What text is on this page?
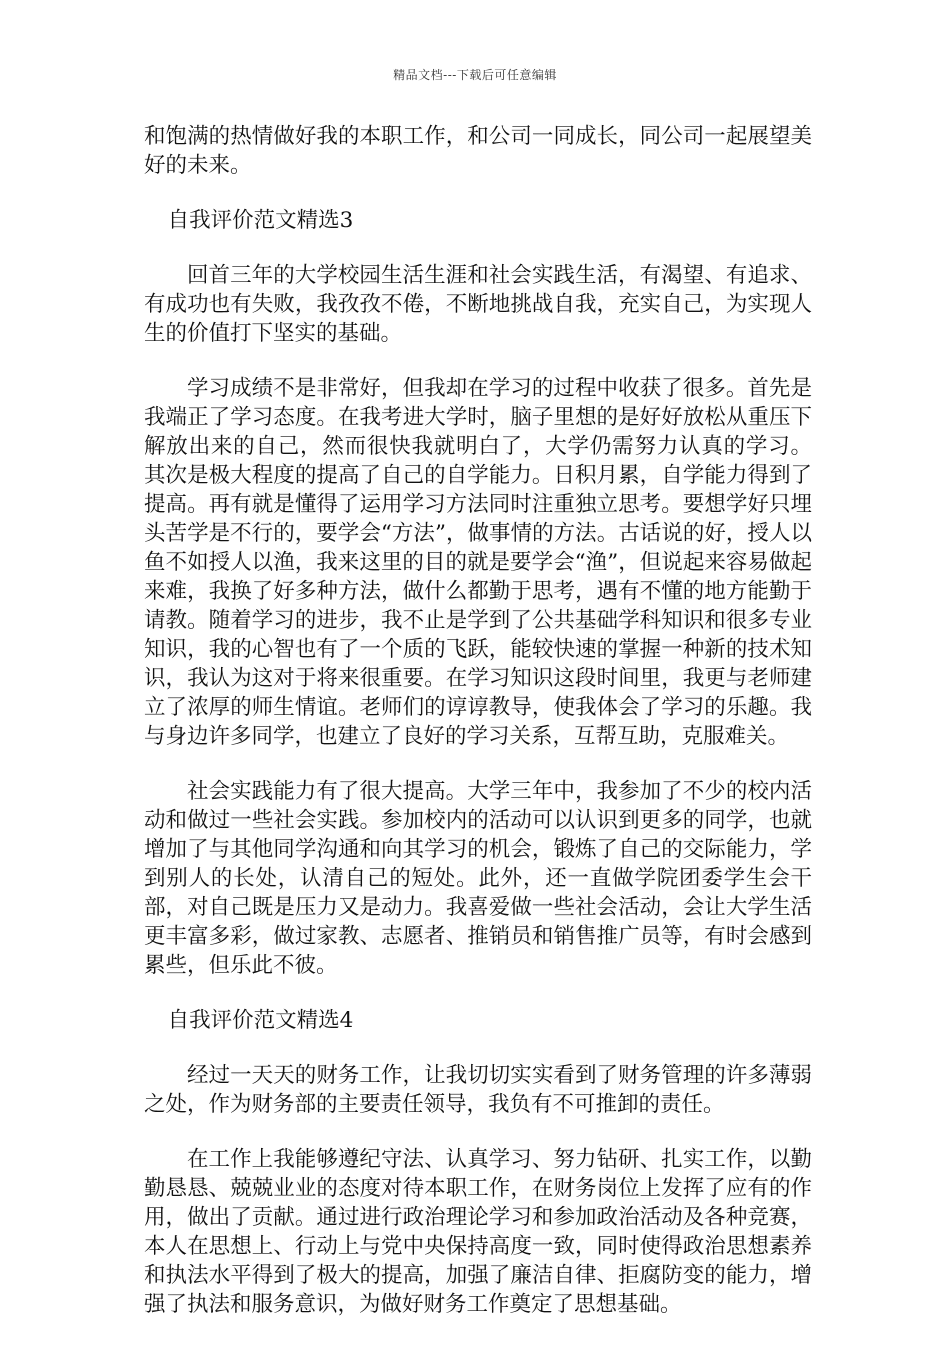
精品文档---下载后可任意编辑

和饱满的热情做好我的本职工作，和公司一同成长，同公司一起展望美好的未来。

自我评价范文精选3

回首三年的大学校园生活生涯和社会实践生活，有渴望、有追求、有成功也有失败，我孜孜不倦，不断地挑战自我，充实自己，为实现人生的价值打下坚实的基础。

学习成绩不是非常好，但我却在学习的过程中收获了很多。首先是我端正了学习态度。在我考进大学时，脑子里想的是好好放松从重压下解放出来的自己，然而很快我就明白了，大学仍需努力认真的学习。 其次是极大程度的提高了自己的自学能力。日积月累，自学能力得到了提高。再有就是懂得了运用学习方法同时注重独立思考。要想学好只埋头苦学是不行的，要学会“方法”，做事情的方法。古话说的好，授人以鱼不如授人以渔，我来这里的目的就是要学会“渔”，但说起来容易做起来难，我换了好多种方法，做什么都勤于思考，遇有不懂的地方能勤于请教。随着学习的进步，我不止是学到了公共基础学科知识和很多专业知识，我的心智也有了一个质的飞跃，能较快速的掌握一种新的技术知识，我认为这对于将来很重要。在学习知识这段时间里，我更与老师建立了浓厚的师生情谊。老师们的谆谆教导，使我体会了学习的乐趣。我与身边许多同学，也建立了良好的学习关系，互帮互助，克服难关。

社会实践能力有了很大提高。大学三年中，我参加了不少的校内活动和做过一些社会实践。参加校内的活动可以认识到更多的同学，也就增加了与其他同学沟通和向其学习的机会，锻炼了自己的交际能力，学到别人的长处，认清自己的短处。此外，还一直做学院团委学生会干部，对自己既是压力又是动力。我喜爱做一些社会活动，会让大学生活更丰富多彩，做过家教、志愿者、推销员和销售推广员等，有时会感到累些，但乐此不彼。

自我评价范文精选4

经过一天天的财务工作，让我切切实实看到了财务管理的许多薄弱之处，作为财务部的主要责任领导，我负有不可推卸的责任。

在工作上我能够遵纪守法、认真学习、努力钻研、扎实工作，以勤勤恳恳、兢兢业业的态度对待本职工作，在财务岗位上发挥了应有的作用，做出了贡献。通过进行政治理论学习和参加政治活动及各种竞赛，本人在思想上、行动上与党中央保持高度一致，同时使得政治思想素养和执法水平得到了极大的提高，加强了廉洁自律、拒腐防变的能力，增强了执法和服务意识，为做好财务工作奠定了思想基础。
